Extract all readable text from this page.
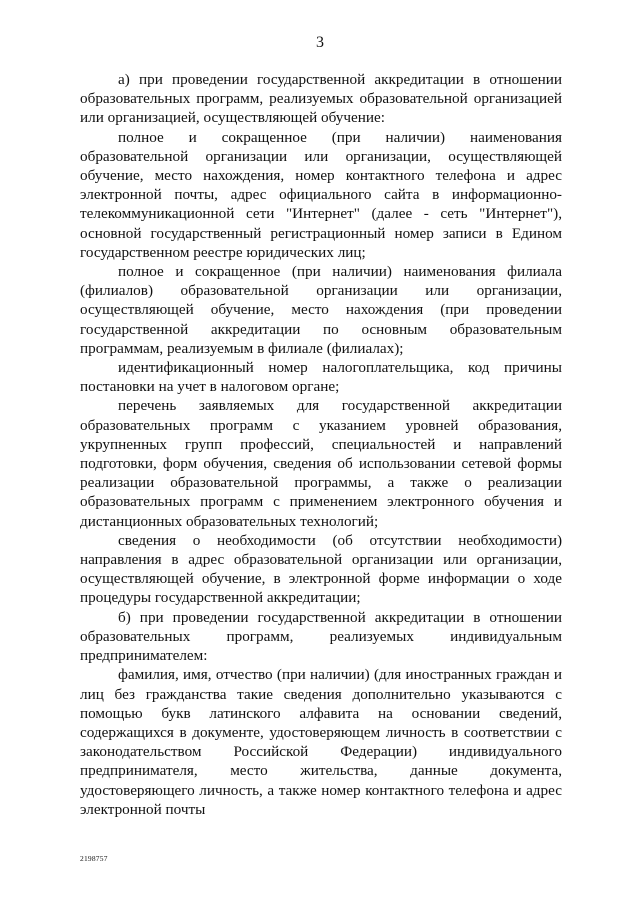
3

а) при проведении государственной аккредитации в отношении образовательных программ, реализуемых образовательной организацией или организацией, осуществляющей обучение:

полное и сокращенное (при наличии) наименования образовательной организации или организации, осуществляющей обучение, место нахождения, номер контактного телефона и адрес электронной почты, адрес официального сайта в информационно-телекоммуникационной сети "Интернет" (далее - сеть "Интернет"), основной государственный регистрационный номер записи в Едином государственном реестре юридических лиц;

полное и сокращенное (при наличии) наименования филиала (филиалов) образовательной организации или организации, осуществляющей обучение, место нахождения (при проведении государственной аккредитации по основным образовательным программам, реализуемым в филиале (филиалах);

идентификационный номер налогоплательщика, код причины постановки на учет в налоговом органе;

перечень заявляемых для государственной аккредитации образовательных программ с указанием уровней образования, укрупненных групп профессий, специальностей и направлений подготовки, форм обучения, сведения об использовании сетевой формы реализации образовательной программы, а также о реализации образовательных программ с применением электронного обучения и дистанционных образовательных технологий;

сведения о необходимости (об отсутствии необходимости) направления в адрес образовательной организации или организации, осуществляющей обучение, в электронной форме информации о ходе процедуры государственной аккредитации;

б) при проведении государственной аккредитации в отношении образовательных программ, реализуемых индивидуальным предпринимателем:

фамилия, имя, отчество (при наличии) (для иностранных граждан и лиц без гражданства такие сведения дополнительно указываются с помощью букв латинского алфавита на основании сведений, содержащихся в документе, удостоверяющем личность в соответствии с законодательством Российской Федерации) индивидуального предпринимателя, место жительства, данные документа, удостоверяющего личность, а также номер контактного телефона и адрес электронной почты

2198757
